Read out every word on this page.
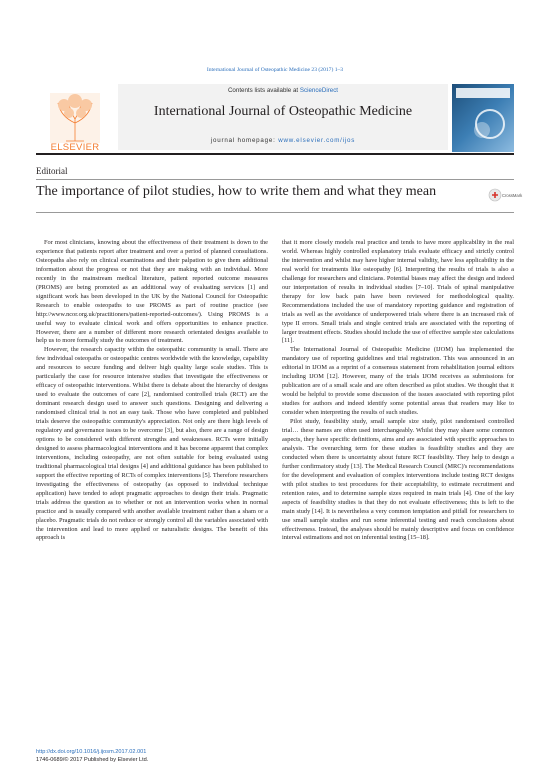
International Journal of Osteopathic Medicine 23 (2017) 1–3
ELSEVIER
Contents lists available at ScienceDirect
International Journal of Osteopathic Medicine
journal homepage: www.elsevier.com/ijos
Editorial
The importance of pilot studies, how to write them and what they mean	CrossMark

For most clinicians, knowing about the effectiveness of their treatment is down to the experience that patients report after treatment and over a period of planned consultations. Osteopaths also rely on clinical examinations and their palpation to give them additional information about the progress or not that they are making with an individual. More recently in the mainstream medical literature, patient reported outcome measures (PROMS) are being promoted as an additional way of evaluating services [1] and significant work has been developed in the UK by the National Council for Osteopathic Research to enable osteopaths to use PROMS as part of routine practice (see http://www.ncor.org.uk/practitioners/patient-reported-outcomes/). Using PROMS is a useful way to evaluate clinical work and offers opportunities to enhance practice. However, there are a number of different more research orientated designs available to help us to more formally study the outcomes of treatment.

However, the research capacity within the osteopathic community is small. There are few individual osteopaths or osteopathic centres worldwide with the knowledge, capability and resources to secure funding and deliver high quality large scale studies. This is particularly the case for resource intensive studies that investigate the effectiveness or efficacy of osteopathic interventions. Whilst there is debate about the hierarchy of designs used to evaluate the outcomes of care [2], randomised controlled trials (RCT) are the dominant research design used to answer such questions. Designing and delivering a randomised clinical trial is not an easy task. Those who have completed and published trials deserve the osteopathic community's appreciation. Not only are there high levels of regulatory and governance issues to be overcome [3], but also, there are a range of design options to be considered with different strengths and weaknesses. RCTs were initially designed to assess pharmacological interventions and it has become apparent that complex interventions, including osteopathy, are not often suitable for being evaluated using traditional pharmacological trial designs [4] and additional guidance has been published to support the effective reporting of RCTs of complex interventions [5]. Therefore researchers investigating the effectiveness of osteopathy (as opposed to individual technique application) have tended to adopt pragmatic approaches to design their trials. Pragmatic trials address the question as to whether or not an intervention works when in normal practice and is usually compared with another available treatment rather than a sham or a placebo. Pragmatic trials do not reduce or strongly control all the variables associated with the intervention and lead to more applied or naturalistic designs. The benefit of this approach is

that it more closely models real practice and tends to have more applicability in the real world. Whereas highly controlled explanatory trials evaluate efficacy and strictly control the intervention and whilst may have higher internal validity, have less applicability in the real world for treatments like osteopathy [6]. Interpreting the results of trials is also a challenge for researchers and clinicians. Potential biases may affect the design and indeed our interpretation of results in individual studies [7–10]. Trials of spinal manipulative therapy for low back pain have been reviewed for methodological quality. Recommendations included the use of mandatory reporting guidance and registration of trials as well as the avoidance of underpowered trials where there is an increased risk of type II errors. Small trials and single centred trials are associated with the reporting of larger treatment effects. Studies should include the use of effective sample size calculations [11].

The International Journal of Osteopathic Medicine (IJOM) has implemented the mandatory use of reporting guidelines and trial registration. This was announced in an editorial in IJOM as a reprint of a consensus statement from rehabilitation journal editors including IJOM [12]. However, many of the trials IJOM receives as submissions for publication are of a small scale and are often described as pilot studies. We thought that it would be helpful to provide some discussion of the issues associated with reporting pilot studies for authors and indeed identify some potential areas that readers may like to consider when interpreting the results of such studies.

Pilot study, feasibility study, small sample size study, pilot randomised controlled trial… these names are often used interchangeably. Whilst they may share some common aspects, they have specific definitions, aims and are associated with specific approaches to analysis. The overarching term for these studies is feasibility studies and they are conducted when there is uncertainty about future RCT feasibility. They help to design a further confirmatory study [13]. The Medical Research Council (MRC)'s recommendations for the development and evaluation of complex interventions include testing RCT designs with pilot studies to test procedures for their acceptability, to estimate recruitment and retention rates, and to determine sample sizes required in main trials [4]. One of the key aspects of feasibility studies is that they do not evaluate effectiveness; this is left to the main study [14]. It is nevertheless a very common temptation and pitfall for researchers to use small sample studies and run some inferential testing and reach conclusions about effectiveness. Instead, the analyses should be mainly descriptive and focus on confidence interval estimations and not on inferential testing [15–18].

http://dx.doi.org/10.1016/j.ijosm.2017.02.001
1746-0689/© 2017 Published by Elsevier Ltd.
